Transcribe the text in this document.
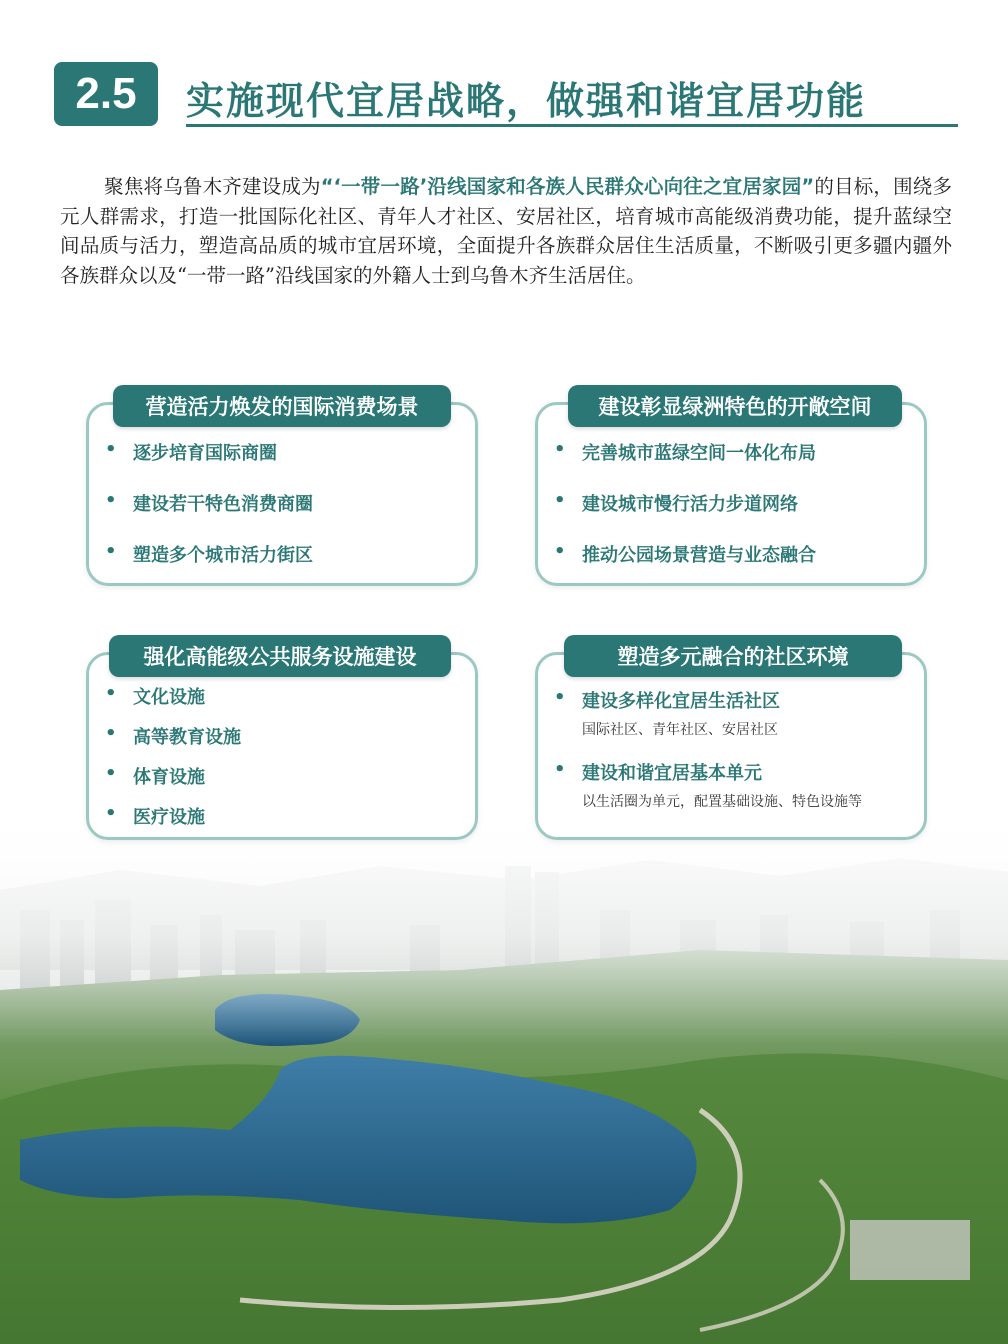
2.5	实施现代宜居战略，做强和谐宜居功能
聚焦将乌鲁木齐建设成为“‘一带一路’沿线国家和各族人民群众心向往之宜居家园”的目标，围绕多元人群需求，打造一批国际化社区、青年人才社区、安居社区，培育城市高能级消费功能，提升蓝绿空间品质与活力，塑造高品质的城市宜居环境，全面提升各族群众居住生活质量，不断吸引更多疆内疆外各族群众以及“一带一路”沿线国家的外籍人士到乌鲁木齐生活居住。
营造活力焕发的国际消费场景
• 逐步培育国际商圈
• 建设若干特色消费商圈
• 塑造多个城市活力街区
建设彰显绿洲特色的开敞空间
• 完善城市蓝绿空间一体化布局
• 建设城市慢行活力步道网络
• 推动公园场景营造与业态融合
强化高能级公共服务设施建设
• 文化设施
• 高等教育设施
• 体育设施
• 医疗设施
塑造多元融合的社区环境
• 建设多样化宜居生活社区
国际社区、青年社区、安居社区
• 建设和谐宜居基本单元
以生活圈为单元，配置基础设施、特色设施等
